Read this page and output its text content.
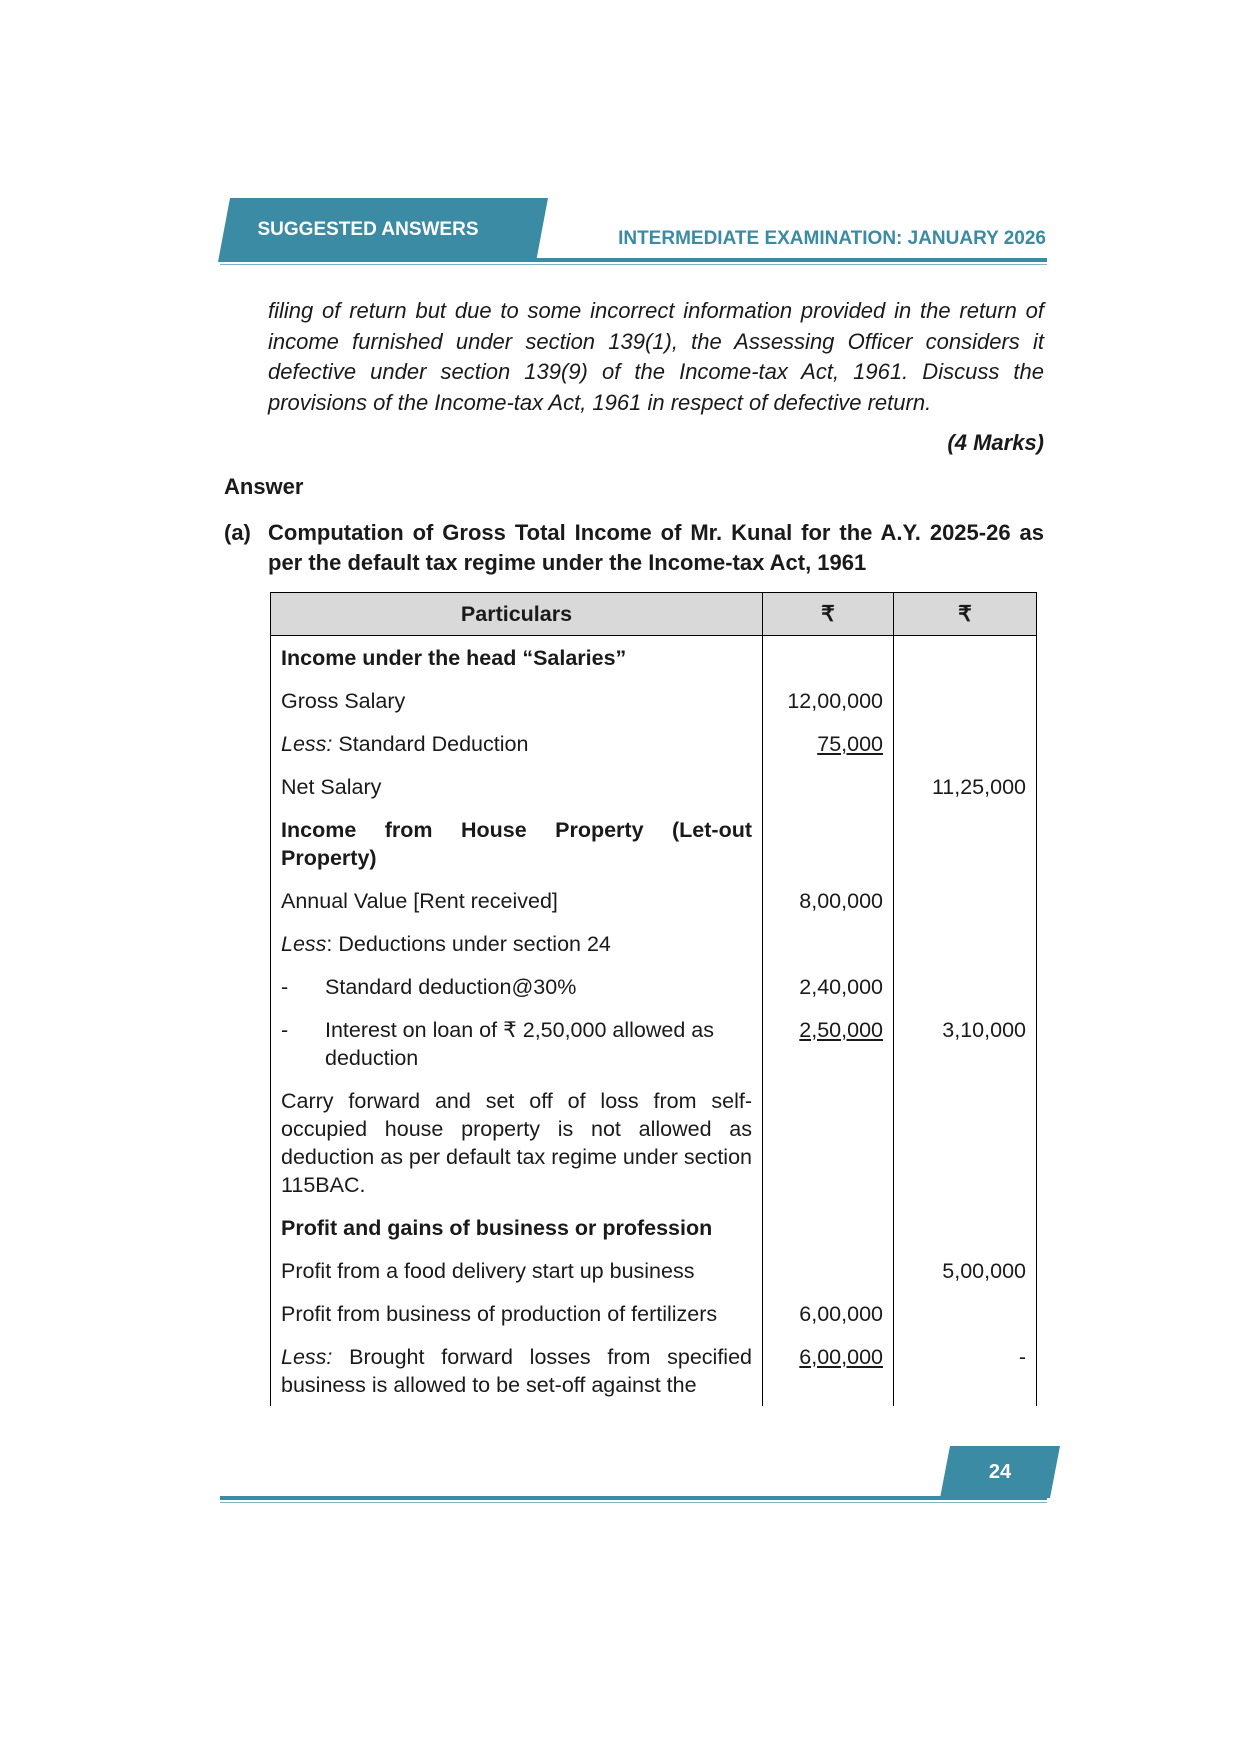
SUGGESTED ANSWERS	INTERMEDIATE EXAMINATION: JANUARY 2026
filing of return but due to some incorrect information provided in the return of income furnished under section 139(1), the Assessing Officer considers it defective under section 139(9) of the Income-tax Act, 1961. Discuss the provisions of the Income-tax Act, 1961 in respect of defective return.
(4 Marks)
Answer
(a) Computation of Gross Total Income of Mr. Kunal for the A.Y. 2025-26 as per the default tax regime under the Income-tax Act, 1961
Particulars	₹	₹
Income under the head “Salaries”		
Gross Salary	12,00,000	
Less: Standard Deduction	75,000	
Net Salary		11,25,000
Income from House Property (Let-out Property)		
Annual Value [Rent received]	8,00,000	
Less: Deductions under section 24		

- Standard deduction@30%	2,40,000	

- Interest on loan of ₹ 2,50,000 allowed as deduction	2,50,000	3,10,000
Carry forward and set off of loss from self-occupied house property is not allowed as deduction as per default tax regime under section 115BAC.		
Profit and gains of business or profession		
Profit from a food delivery start up business		5,00,000
Profit from business of production of fertilizers	6,00,000	
Less: Brought forward losses from specified business is allowed to be set-off against the	6,00,000	-
24
